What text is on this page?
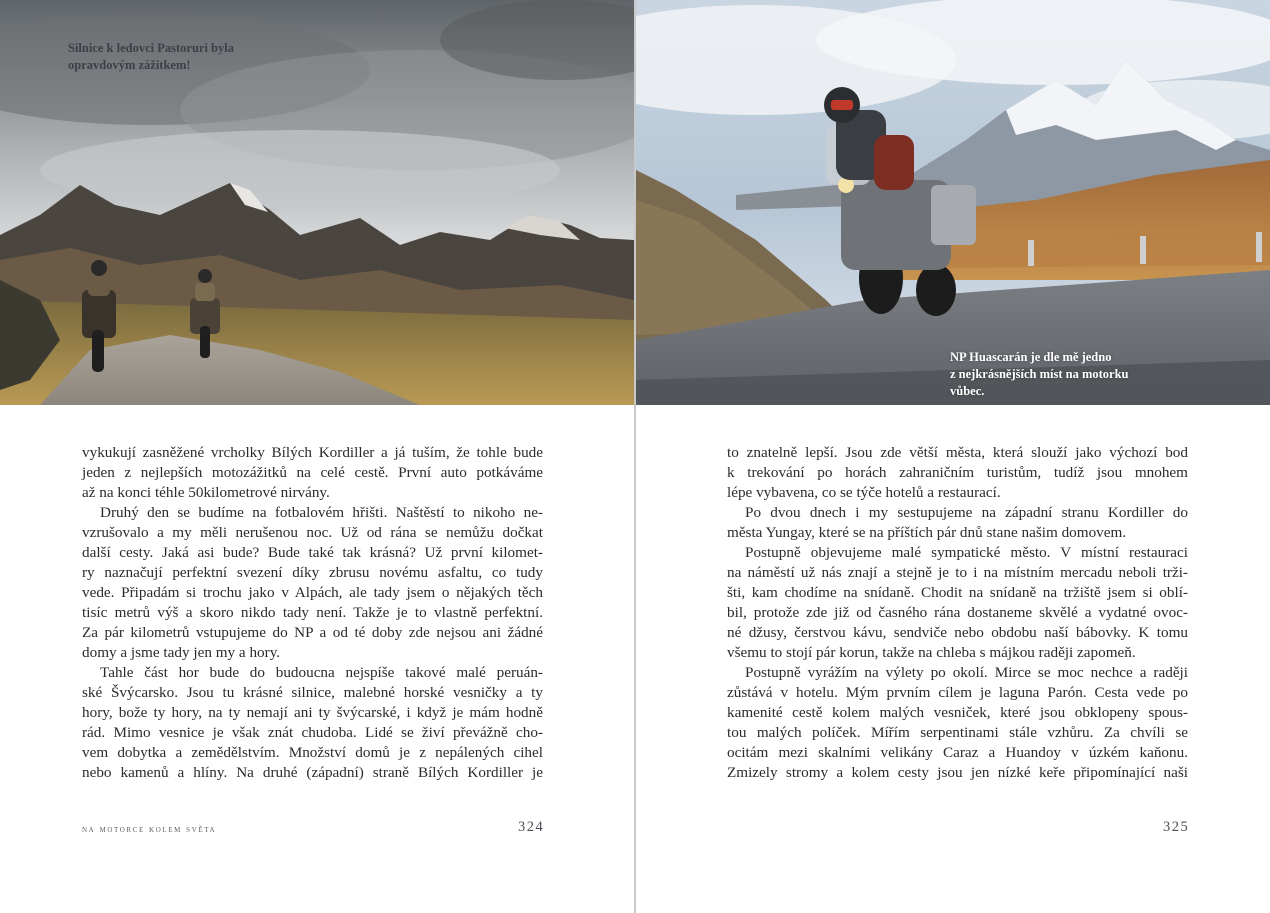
Silnice k ledovci Pastoruri byla
opravdovým zážitkem!
vykukují zasněžené vrcholky Bílých Kordiller a já tuším, že tohle bude
jeden z nejlepších motozážitků na celé cestě. První auto potkáváme
až na konci téhle 50kilometrové nirvány.
Druhý den se budíme na fotbalovém hřišti. Naštěstí to nikoho ne-
vzrušovalo a my měli nerušenou noc. Už od rána se nemůžu dočkat
další cesty. Jaká asi bude? Bude také tak krásná? Už první kilomet-
ry naznačují perfektní svezení díky zbrusu novému asfaltu, co tudy
vede. Připadám si trochu jako v Alpách, ale tady jsem o nějakých těch
tisíc metrů výš a skoro nikdo tady není. Takže je to vlastně perfektní.
Za pár kilometrů vstupujeme do NP a od té doby zde nejsou ani žádné
domy a jsme tady jen my a hory.
Tahle část hor bude do budoucna nejspíše takové malé peruán-
ské Švýcarsko. Jsou tu krásné silnice, malebné horské vesničky a ty
hory, bože ty hory, na ty nemají ani ty švýcarské, i když je mám hodně
rád. Mimo vesnice je však znát chudoba. Lidé se živí převážně cho-
vem dobytka a zemědělstvím. Množství domů je z nepálených cihel
nebo kamenů a hlíny. Na druhé (západní) straně Bílých Kordiller je
na motorce kolem světa	324
NP Huascarán je dle mě jedno
z nejkrásnějších míst na motorku
vůbec.
to znatelně lepší. Jsou zde větší města, která slouží jako výchozí bod
k trekování po horách zahraničním turistům, tudíž jsou mnohem
lépe vybavena, co se týče hotelů a restaurací.
Po dvou dnech i my sestupujeme na západní stranu Kordiller do
města Yungay, které se na příštích pár dnů stane našim domovem.
Postupně objevujeme malé sympatické město. V místní restauraci
na náměstí už nás znají a stejně je to i na místním mercadu neboli trži-
šti, kam chodíme na snídaně. Chodit na snídaně na tržiště jsem si oblí-
bil, protože zde již od časného rána dostaneme skvělé a vydatné ovoc-
né džusy, čerstvou kávu, sendviče nebo obdobu naší bábovky. K tomu
všemu to stojí pár korun, takže na chleba s májkou raději zapomeň.
Postupně vyrážím na výlety po okolí. Mirce se moc nechce a raději
zůstává v hotelu. Mým prvním cílem je laguna Parón. Cesta vede po
kamenité cestě kolem malých vesniček, které jsou obklopeny spous-
tou malých políček. Mířím serpentinami stále vzhůru. Za chvíli se
ocitám mezi skalními velikány Caraz a Huandoy v úzkém kaňonu.
Zmizely stromy a kolem cesty jsou jen nízké keře připomínající naši
325
